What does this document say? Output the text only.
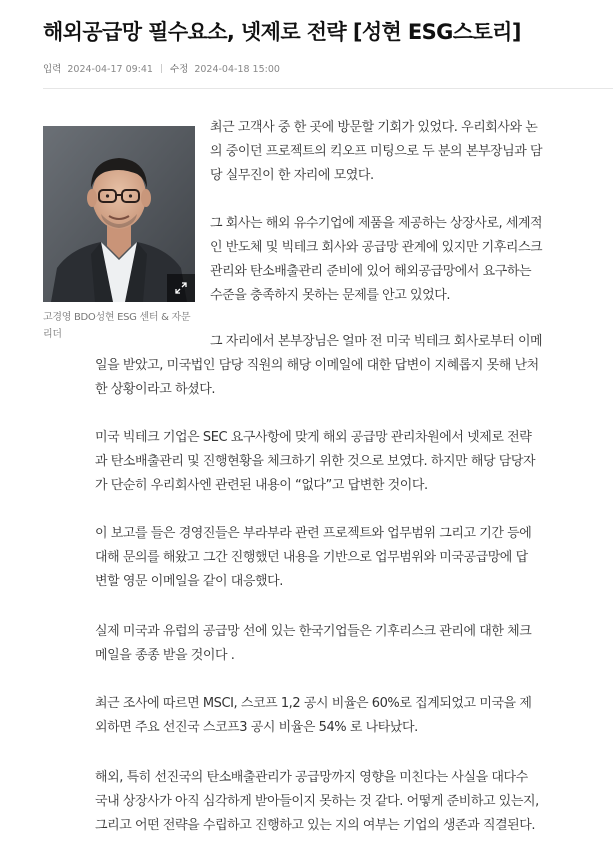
해외공급망 필수요소, 넷제로 전략 [성현 ESG스토리]
입력 2024-04-17 09:41 수정 2024-04-18 15:00
고경영 BDO성현 ESG 센터 & 자문 리더
최근 고객사 중 한 곳에 방문할 기회가 있었다. 우리회사와 논
의 중이던 프로젝트의 킥오프 미팅으로 두 분의 본부장님과 담
당 실무진이 한 자리에 모였다.
그 회사는 해외 유수기업에 제품을 제공하는 상장사로, 세계적
인 반도체 및 빅테크 회사와 공급망 관계에 있지만 기후리스크
관리와 탄소배출관리 준비에 있어 해외공급망에서 요구하는
수준을 충족하지 못하는 문제를 안고 있었다.
그 자리에서 본부장님은 얼마 전 미국 빅테크 회사로부터 이메
일을 받았고, 미국법인 담당 직원의 해당 이메일에 대한 답변이 지혜롭지 못해 난처
한 상황이라고 하셨다.
미국 빅테크 기업은 SEC 요구사항에 맞게 해외 공급망 관리차원에서 넷제로 전략
과 탄소배출관리 및 진행현황을 체크하기 위한 것으로 보였다. 하지만 해당 담당자
가 단순히 우리회사엔 관련된 내용이 “없다”고 답변한 것이다.
이 보고를 들은 경영진들은 부라부라 관련 프로젝트와 업무범위 그리고 기간 등에
대해 문의를 해왔고 그간 진행했던 내용을 기반으로 업무범위와 미국공급망에 답
변할 영문 이메일을 같이 대응했다.
실제 미국과 유럽의 공급망 선에 있는 한국기업들은 기후리스크 관리에 대한 체크
메일을 종종 받을 것이다 .
최근 조사에 따르면 MSCI, 스코프 1,2 공시 비율은 60%로 집계되었고 미국을 제
외하면 주요 선진국 스코프3 공시 비율은 54% 로 나타났다.
해외, 특히 선진국의 탄소배출관리가 공급망까지 영향을 미친다는 사실을 대다수
국내 상장사가 아직 심각하게 받아들이지 못하는 것 같다. 어떻게 준비하고 있는지,
그리고 어떤 전략을 수립하고 진행하고 있는 지의 여부는 기업의 생존과 직결된다.
